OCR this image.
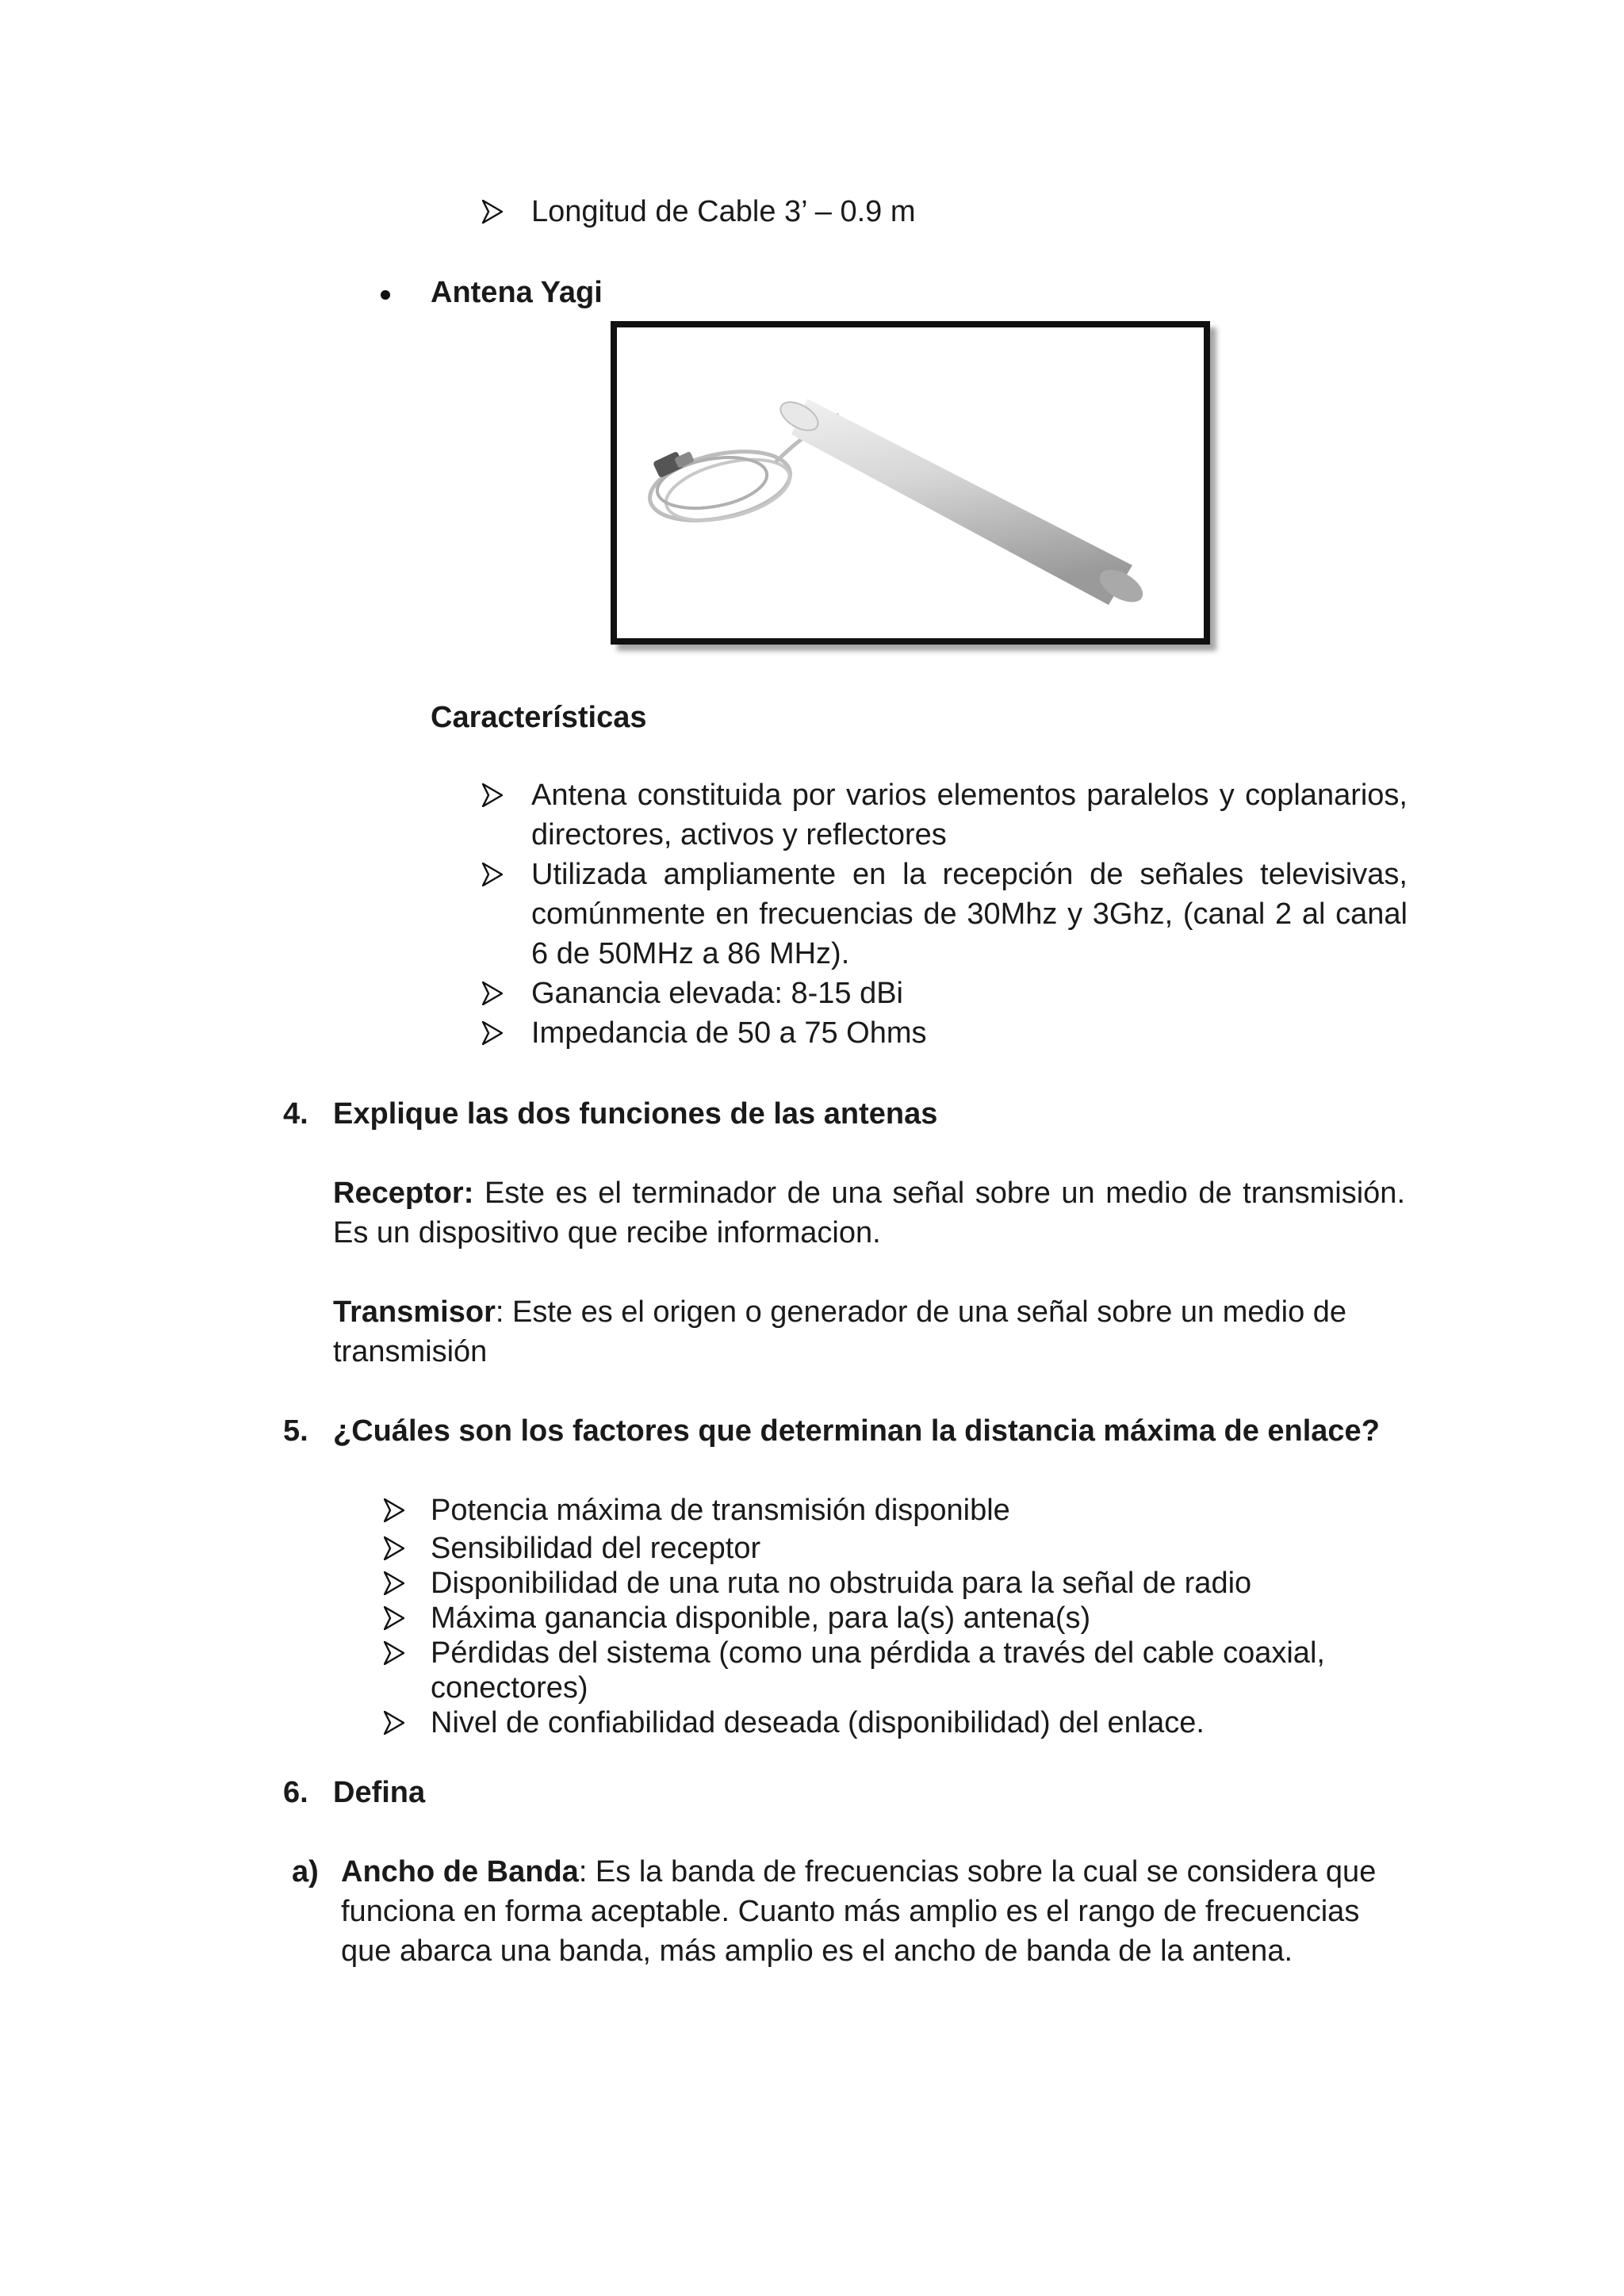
Longitud de Cable 3’ – 0.9 m
Antena Yagi
Características
Antena constituida por varios elementos paralelos y coplanarios,
directores, activos y reflectores
Utilizada ampliamente en la recepción de señales televisivas,
comúnmente en frecuencias de 30Mhz y 3Ghz, (canal 2 al canal
6 de 50MHz a 86 MHz).
Ganancia elevada: 8-15 dBi
Impedancia de 50 a 75 Ohms
4. Explique las dos funciones de las antenas
Receptor: Este es el terminador de una señal sobre un medio de transmisión.
Es un dispositivo que recibe informacion.
Transmisor: Este es el origen o generador de una señal sobre un medio de
transmisión
5. ¿Cuáles son los factores que determinan la distancia máxima de enlace?
Potencia máxima de transmisión disponible
Sensibilidad del receptor
Disponibilidad de una ruta no obstruida para la señal de radio
Máxima ganancia disponible, para la(s) antena(s)
Pérdidas del sistema (como una pérdida a través del cable coaxial,
conectores)
Nivel de confiabilidad deseada (disponibilidad) del enlace.
6. Defina
a) Ancho de Banda: Es la banda de frecuencias sobre la cual se considera que
funciona en forma aceptable. Cuanto más amplio es el rango de frecuencias
que abarca una banda, más amplio es el ancho de banda de la antena.
